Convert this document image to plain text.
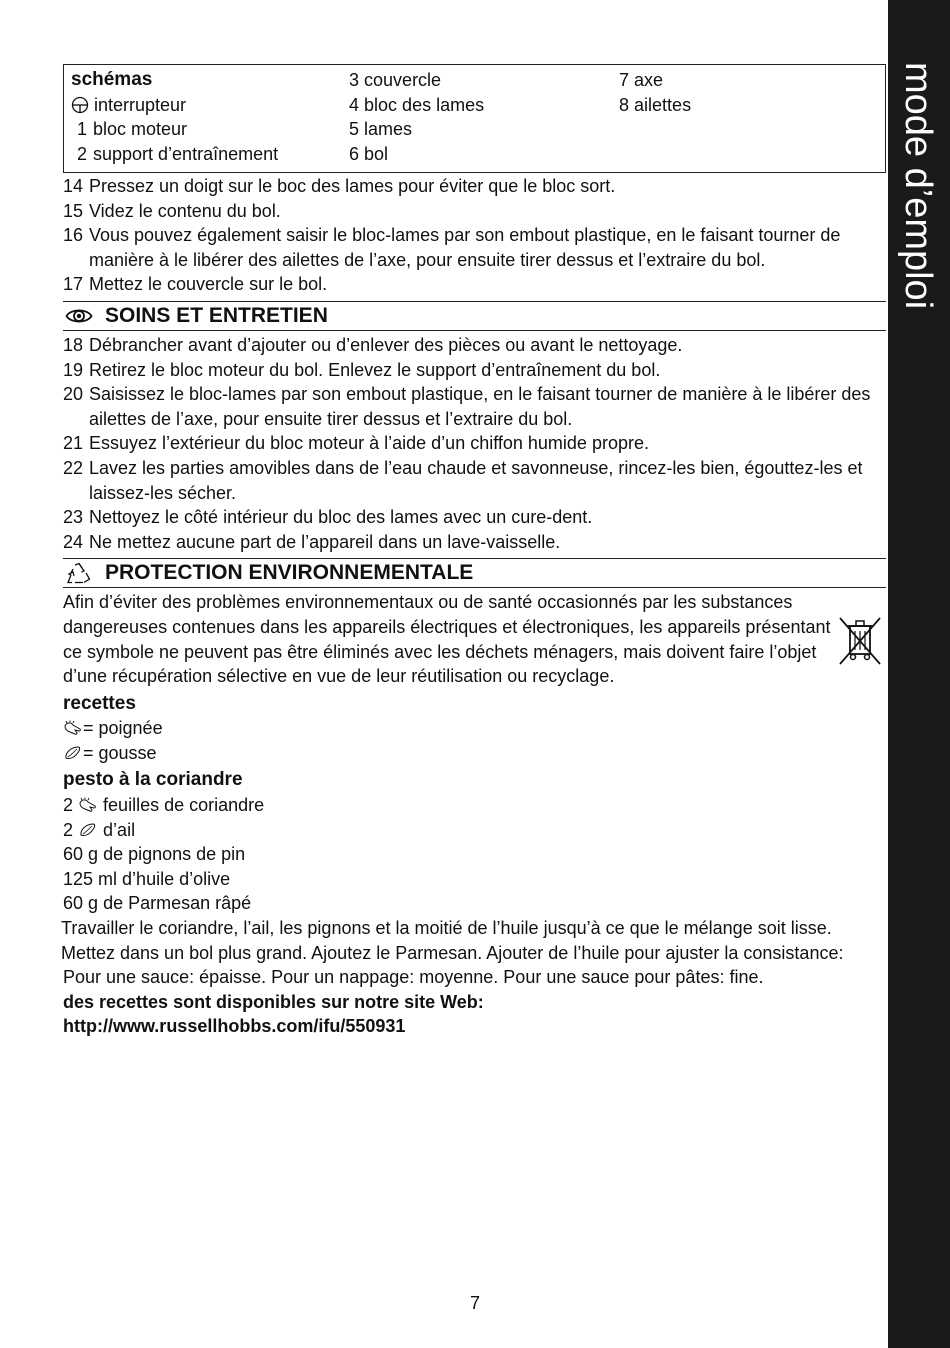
mode d’emploi
schémas
interrupteur
1 bloc moteur
2 support d’entraînement
3 couvercle
4 bloc des lames
5 lames
6 bol
7 axe
8 ailettes
14 Pressez un doigt sur le boc des lames pour éviter que le bloc sort.
15 Videz le contenu du bol.
16 Vous pouvez également saisir le bloc-lames par son embout plastique, en le faisant tourner de manière à le libérer des ailettes de l’axe, pour ensuite tirer dessus et l’extraire du bol.
17 Mettez le couvercle sur le bol.
SOINS ET ENTRETIEN
18 Débrancher avant d’ajouter ou d’enlever des pièces ou avant le nettoyage.
19 Retirez le bloc moteur du bol. Enlevez le support d’entraînement du bol.
20 Saisissez le bloc-lames par son embout plastique, en le faisant tourner de manière à le libérer des ailettes de l’axe, pour ensuite tirer dessus et l’extraire du bol.
21 Essuyez l’extérieur du bloc moteur à l’aide d’un chiffon humide propre.
22 Lavez les parties amovibles dans de l’eau chaude et savonneuse, rincez-les bien, égouttez-les et laissez-les sécher.
23 Nettoyez le côté intérieur du bloc des lames avec un cure-dent.
24 Ne mettez aucune part de l’appareil dans un lave-vaisselle.
PROTECTION ENVIRONNEMENTALE
Afin d’éviter des problèmes environnementaux ou de santé occasionnés par les substances dangereuses contenues dans les appareils électriques et électroniques, les appareils présentant ce symbole ne peuvent pas être éliminés avec les déchets ménagers, mais doivent faire l’objet d’une récupération sélective en vue de leur réutilisation ou recyclage.
recettes
= poignée
= gousse
pesto à la coriandre
2 feuilles de coriandre
2 d’ail
60 g de pignons de pin
125 ml d’huile d’olive
60 g de Parmesan râpé
Travailler le coriandre, l’ail, les pignons et la moitié de l’huile jusqu’à ce que le mélange soit lisse. Mettez dans un bol plus grand. Ajoutez le Parmesan. Ajouter de l’huile pour ajuster la consistance:
Pour une sauce: épaisse. Pour un nappage: moyenne. Pour une sauce pour pâtes: fine.
des recettes sont disponibles sur notre site Web:
http://www.russellhobbs.com/ifu/550931
7
